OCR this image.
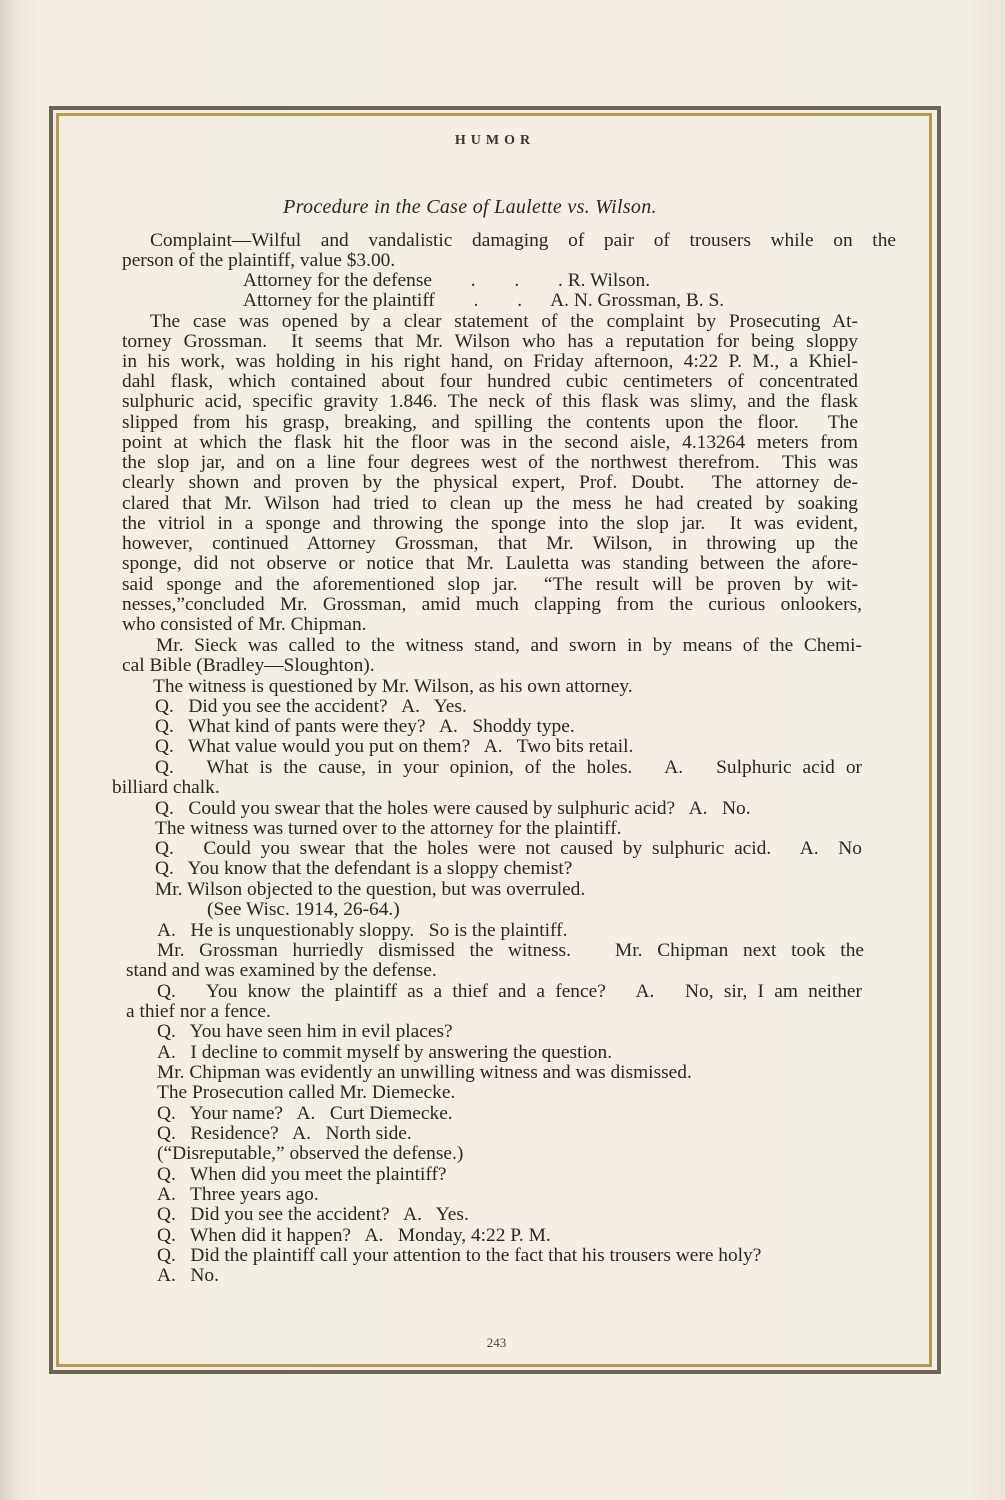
HUMOR
Procedure in the Case of Laulette vs. Wilson.
Complaint—Wilful and vandalistic damaging of pair of trousers while on the
person of the plaintiff, value $3.00.
Attorney for the defense        .        .        . R. Wilson.
Attorney for the plaintiff        .        .      A. N. Grossman, B. S.
The case was opened by a clear statement of the complaint by Prosecuting At-
torney Grossman.  It seems that Mr. Wilson who has a reputation for being sloppy
in his work, was holding in his right hand, on Friday afternoon, 4:22 P. M., a Khiel-
dahl flask, which contained about four hundred cubic centimeters of concentrated
sulphuric acid, specific gravity 1.846. The neck of this flask was slimy, and the flask
slipped from his grasp, breaking, and spilling the contents upon the floor.  The
point at which the flask hit the floor was in the second aisle, 4.13264 meters from
the slop jar, and on a line four degrees west of the northwest therefrom.  This was
clearly shown and proven by the physical expert, Prof. Doubt.  The attorney de-
clared that Mr. Wilson had tried to clean up the mess he had created by soaking
the vitriol in a sponge and throwing the sponge into the slop jar.  It was evident,
however, continued Attorney Grossman, that Mr. Wilson, in throwing up the
sponge, did not observe or notice that Mr. Lauletta was standing between the afore-
said sponge and the aforementioned slop jar.  “The result will be proven by wit-
nesses,”concluded Mr. Grossman, amid much clapping from the curious onlookers,
who consisted of Mr. Chipman.
Mr. Sieck was called to the witness stand, and sworn in by means of the Chemi-
cal Bible (Bradley—Sloughton).
The witness is questioned by Mr. Wilson, as his own attorney.
Q.   Did you see the accident?   A.   Yes.
Q.   What kind of pants were they?   A.   Shoddy type.
Q.   What value would you put on them?   A.   Two bits retail.
Q.   What is the cause, in your opinion, of the holes.   A.   Sulphuric acid or
billiard chalk.
Q.   Could you swear that the holes were caused by sulphuric acid?   A.   No.
The witness was turned over to the attorney for the plaintiff.
Q.   Could you swear that the holes were not caused by sulphuric acid.   A.  No
Q.   You know that the defendant is a sloppy chemist?
Mr. Wilson objected to the question, but was overruled.
(See Wisc. 1914, 26-64.)
A.   He is unquestionably sloppy.   So is the plaintiff.
Mr. Grossman hurriedly dismissed the witness.   Mr. Chipman next took the
stand and was examined by the defense.
Q.   You know the plaintiff as a thief and a fence?   A.   No, sir, I am neither
a thief nor a fence.
Q.   You have seen him in evil places?
A.   I decline to commit myself by answering the question.
Mr. Chipman was evidently an unwilling witness and was dismissed.
The Prosecution called Mr. Diemecke.
Q.   Your name?   A.   Curt Diemecke.
Q.   Residence?   A.   North side.
(“Disreputable,” observed the defense.)
Q.   When did you meet the plaintiff?
A.   Three years ago.
Q.   Did you see the accident?   A.   Yes.
Q.   When did it happen?   A.   Monday, 4:22 P. M.
Q.   Did the plaintiff call your attention to the fact that his trousers were holy?
A.   No.
243
